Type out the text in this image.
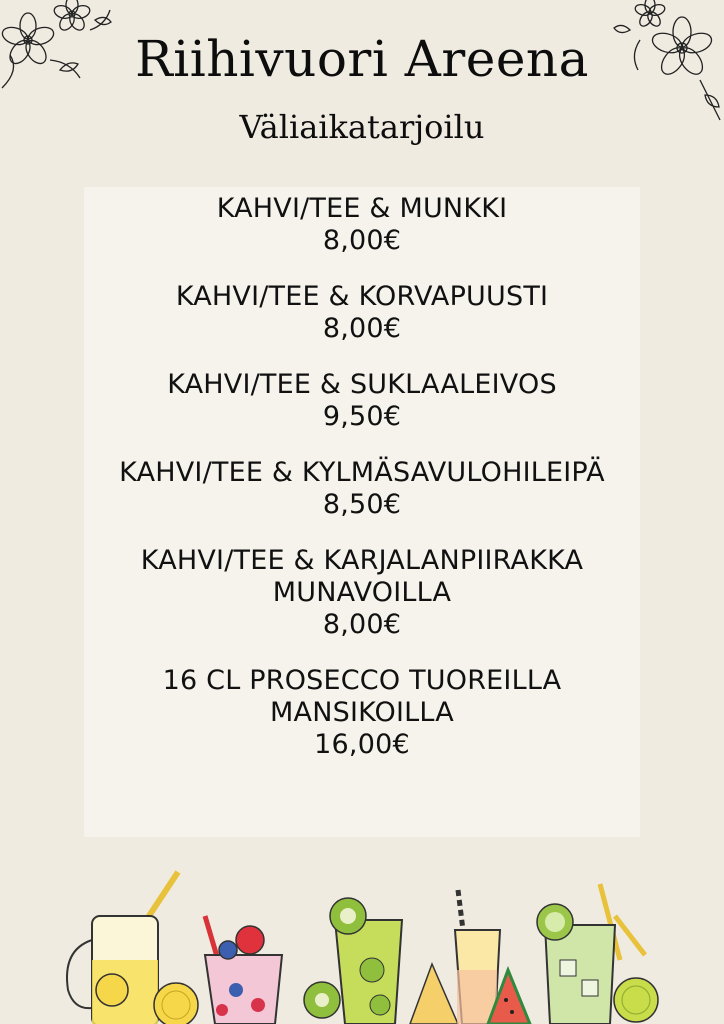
Riihivuori Areena
Väliaikatarjoilu
KAHVI/TEE & MUNKKI
8,00€
KAHVI/TEE & KORVAPUUSTI
8,00€
KAHVI/TEE & SUKLAALEIVOS
9,50€
KAHVI/TEE & KYLMÄSAVULOHILEIPÄ
8,50€
KAHVI/TEE & KARJALANPIIRAKKA
MUNAVOILLA
8,00€
16 CL PROSECCO TUOREILLA
MANSIKOILLA
16,00€
